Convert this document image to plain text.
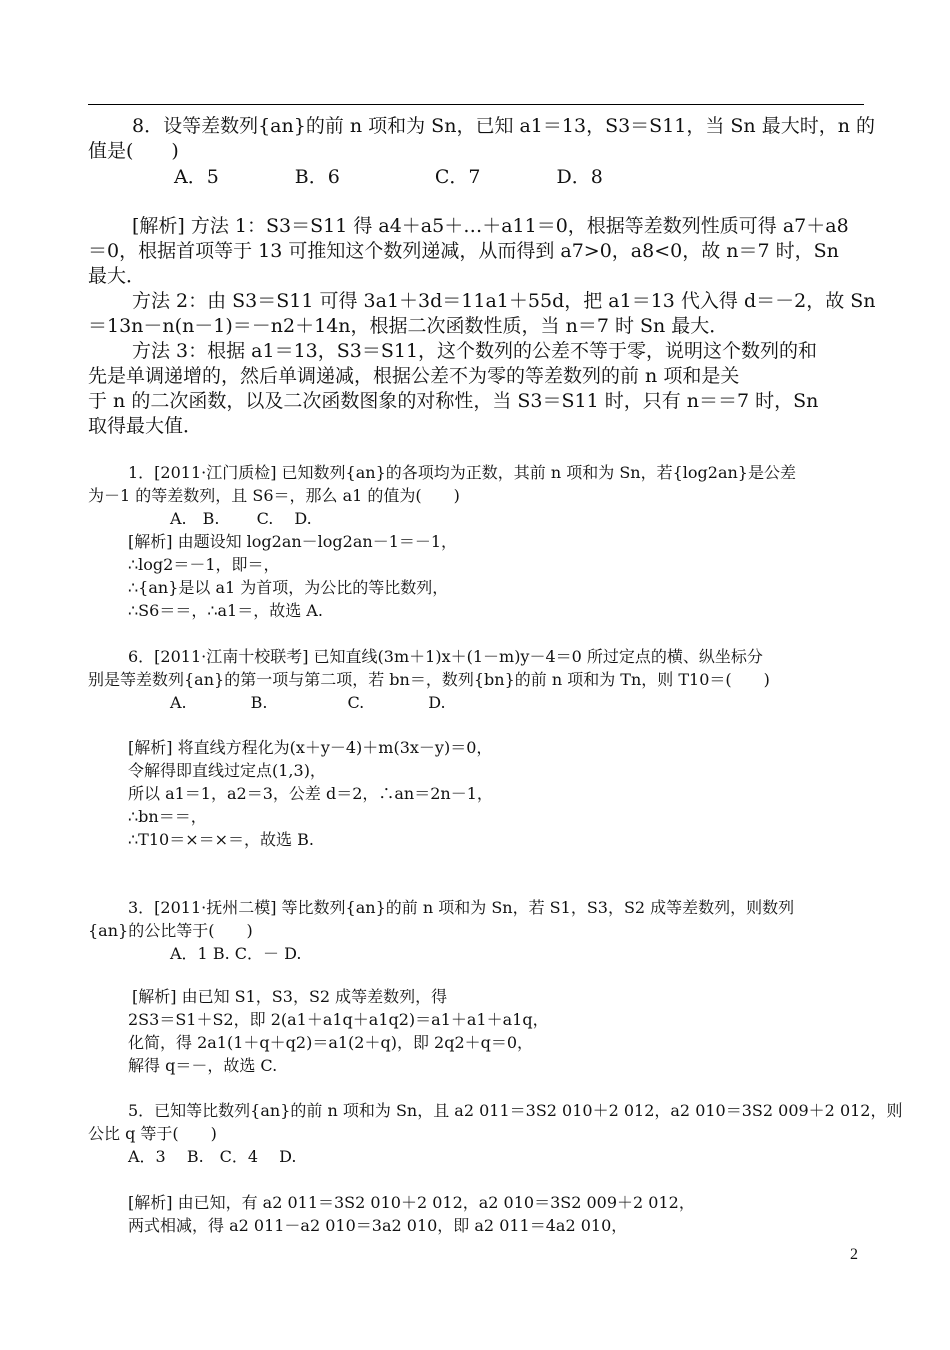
8．设等差数列{an}的前 n 项和为 Sn，已知 a1＝13，S3＝S11，当 Sn 最大时，n 的
值是(　　)
A．5　　　　B．6　　　　　C．7　　　　D．8
[解析] 方法 1：S3＝S11 得 a4＋a5＋…＋a11＝0，根据等差数列性质可得 a7＋a8
＝0，根据首项等于 13 可推知这个数列递减，从而得到 a7>0，a8<0，故 n＝7 时，Sn
最大．
方法 2：由 S3＝S11 可得 3a1＋3d＝11a1＋55d，把 a1＝13 代入得 d＝－2，故 Sn
＝13n－n(n－1)＝－n2＋14n，根据二次函数性质，当 n＝7 时 Sn 最大．
方法 3：根据 a1＝13，S3＝S11，这个数列的公差不等于零，说明这个数列的和
先是单调递增的，然后单调递减，根据公差不为零的等差数列的前 n 项和是关
于 n 的二次函数，以及二次函数图象的对称性，当 S3＝S11 时，只有 n＝＝7 时，Sn
取得最大值．
1．[2011·江门质检] 已知数列{an}的各项均为正数，其前 n 项和为 Sn，若{log2an}是公差
为－1 的等差数列，且 S6＝，那么 a1 的值为(　　)
A.　B.　　 C.　 D.
[解析] 由题设知 log2an－log2an－1＝－1，
∴log2＝－1，即＝，
∴{an}是以 a1 为首项，为公比的等比数列，
∴S6＝＝，∴a1＝，故选 A.
6．[2011·江南十校联考] 已知直线(3m＋1)x＋(1－m)y－4＝0 所过定点的横、纵坐标分
别是等差数列{an}的第一项与第二项，若 bn＝，数列{bn}的前 n 项和为 Tn，则 T10＝(　　)
A.　　　　B.　　　　　C.　　　　D.
[解析] 将直线方程化为(x＋y－4)＋m(3x－y)＝0，
令解得即直线过定点(1,3)，
所以 a1＝1，a2＝3，公差 d＝2，∴an＝2n－1，
∴bn＝＝，
∴T10＝×＝×＝，故选 B.
3．[2011·抚州二模] 等比数列{an}的前 n 项和为 Sn，若 S1，S3，S2 成等差数列，则数列
{an}的公比等于(　　)
A．1 B. C．－ D.
[解析] 由已知 S1，S3，S2 成等差数列，得
2S3＝S1＋S2，即 2(a1＋a1q＋a1q2)＝a1＋a1＋a1q，
化简，得 2a1(1＋q＋q2)＝a1(2＋q)，即 2q2＋q＝0，
解得 q＝－，故选 C.
5．已知等比数列{an}的前 n 项和为 Sn，且 a2 011＝3S2 010＋2 012，a2 010＝3S2 009＋2 012，则
公比 q 等于(　　)
A．3　 B.　C．4　 D.
[解析] 由已知，有 a2 011＝3S2 010＋2 012，a2 010＝3S2 009＋2 012，
两式相减，得 a2 011－a2 010＝3a2 010，即 a2 011＝4a2 010，
2
